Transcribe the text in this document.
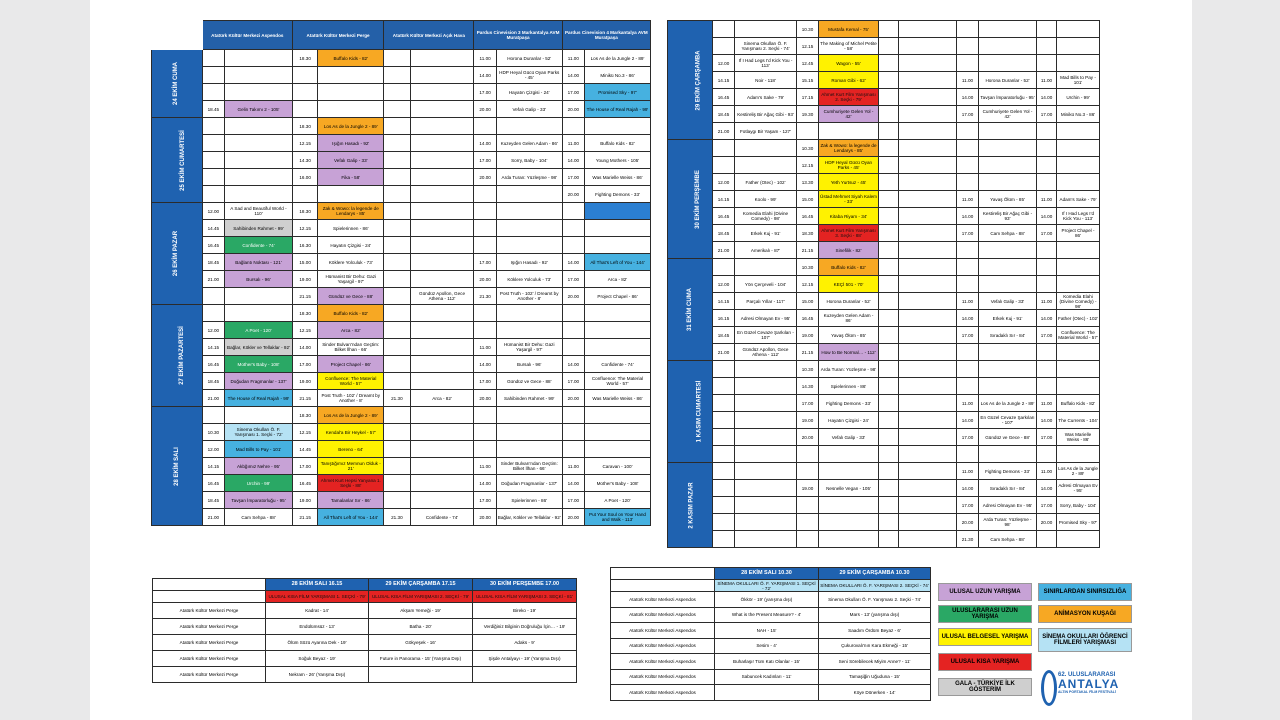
	Atatürk Kültür Merkezi Aspendos		Atatürk Kültür Merkezi Perge		Atatürk Kültür Merkezi Açık Hava		Pardus Cinevision 3 Markantalya AVM Muratpaşa		Pardus Cinevision 4 Markantalya AVM Muratpaşa	
24 EKİM CUMA			18.30	Buffalo Kids - 82'			11.00	Horona Duranlar - 52'	11.00	Los As de la Jungle 2 - 89'
							14.00	HDP Heyal Gücü Oyan Parks - 45'	14.00	Minikü No.3 - 86'
							17.00	Hayatın Çizgisi - 24'	17.00	Promised Sky - 97'
	18.45	Gelin Takımı 2 - 105'					20.00	Vefalı Galip - 33'	20.00	The House of Real Rajah - 99'
25 EKİM CUMARTESİ			18.30	Los As de la Jungle 2 - 89'						
			12.15	Işığın Hasadı - 92'			14.00	Kuzeyden Gelen Adam - 86'	11.00	Buffalo Kids - 82'
			14.30	Vefalı Galip - 33'			17.00	Sorry, Baby - 104'	14.00	Young Mothers - 105'
			16.00	Fika - 58'			20.00	Arda Turan: Yüzleşme - 98'	17.00	Was Marielle Weiss - 86'
									20.00	Fighting Demons - 33'
26 EKİM PAZAR	12.00	A Sad and Beautiful World - 110'	18.30	Zak & Wowo: la legende de Lendarys - 85'						
	14.45	Sahibinden Rahmet - 99'	12.15	Spielerinnen - 86'						
	16.45	Confidente - 74'	16.30	Hayatın Çizgisi - 24'						
	18.45	Bağlantı Noktası - 121'	15.00	Köklere Yolculuk - 73'			17.00	Işığın Hasadı - 92'	14.00	All That's Left of You - 144'
	21.00	Bursalı - 96'	19.00	Hümanist Bir Dehu: Gazi Yaşargil - 97'			20.00	Köklere Yolculuk - 73'	17.00	Arca - 82'
			21.15	Gündüz ve Gece - 88'		Gündüz Apollon, Gece Athena - 112'	21.30	Post Truth - 102' / Dreamt by Another - 8'	20.00	Project Chapel - 86'
27 EKİM PAZARTESİ			18.30	Buffalo Kids - 82'						
	12.00	A Poet - 120'	12.15	Arca - 82'						
	14.15	Bağlar, Kökler ve Tellaklar - 92'	14.00	Sinder Bulvarı'ndan Geçtim: Bilket İlhan - 66'			11.00	Hümanist Bir Dehu: Gazi Yaşargil - 97'		
	16.45	Mother's Baby - 108'	17.00	Project Chapel - 86'			14.00	Bursalı - 96'	14.00	Confidente - 74'
	18.45	Doğudan Fragmanlar - 137'	19.00	Confluence: The Material World - 57'			17.00	Gündüz ve Gece - 88'	17.00	Confluence: The Material World - 57'
	21.00	The House of Real Rajah - 99'	21.15	Post Truth - 102' / Dreamt by Another - 8'	21.30	Arca - 82'	20.00	Sahibinden Rahmet - 99'	20.00	Was Marielle Weiss - 86'
28 EKİM SALI			18.30	Los As de la Jungle 2 - 89'						
	10.30	Sinema Okulları Ö. F. Yarışması 1. Seçki - 72'	12.15	Kendal'a Bir Heykel - 57'						
	12.00	Mad Bills to Pay - 101'	14.45	Bereno - 64'						
	14.15	Akbğımız Nehre - 95'	17.00	Tanıştığımız Memnun Olduk - 21'			11.00	Sinder Bulvarı'ndan Geçtim: Bilket İlhan - 66'	11.00	Caravan - 100'
	16.45	Urchin - 99'	16.45	Ahmet Kurt Hepsi Yanyana 1. Seçki - 88'			14.00	Doğudan Fragmanlar - 137'	14.00	Mother's Baby - 108'
	18.45	Tavşan İmparatorluğu - 95'	19.00	Tamalanlar Sır - 86'			17.00	Spielerinnen - 86'	17.00	A Poet - 120'
	21.00	Cam Sehpa - 88'	21.15	All That's Left of You - 144'	21.30	Confidente - 74'	20.00	Bağlar, Kökler ve Tellaklar - 92'	20.00	Put Your Soul on Your Hand and Walk - 113'
29 EKİM ÇARŞAMBA			10.30	Mustafa Kemal - 75'						
		Sinema Okulları Ö. F. Yarışması 2. Seçki - 74'	12.15	The Making of Michel Petite - 58'						
	12.00	If I Had Legs I'd Kick You - 113'	12.45	Wagon - 55'						
	14.15	Noir - 118'	15.15	Roman Gibi - 62'			11.00	Horona Duranlar - 52'	11.00	Mad Bills to Pay - 101'
	16.45	Adam's Sake - 79'	17.15	Ahmet Kurt Film Yarışması 2. Seçki - 79'			14.00	Tavşan İmparatorluğu - 95'	14.00	Urchin - 99'
	18.45	Kestireliş Bir Ağaç Gibi - 93'	19.30	Cumhuriyete Gelen Yol - 42'			17.00	Cumhuriyete Gelen Yol - 42'	17.00	Minikü No.3 - 86'
	21.00	Fotlaygı Bir Yaşam - 127'								
30 EKİM PERŞEMBE			10.30	Zak & Wowo: la legende de Lendarys - 85'						
			12.15	HDP Heyal Gücü Oyan Parks - 45'						
	12.00	Father (Otec) - 102'	13.30	Yeth Yurtsuz - 45'						
	14.15	Koolo - 99'	15.00	Üstad Mehmet Siyah Kalem - 33'			11.00	Yavaş Ölüm - 85'	11.00	Adam's Sake - 79'
	16.45	Komedia Elahi (Divine Comedy) - 98'	16.45	Kitaba Riyam - 34'			14.00	Kestireliş Bir Ağaç Gibi - 93'	14.00	If I Had Legs I'd Kick You - 113'
	18.45	Erkek Kuj - 91'	18.30	Ahmet Kurt Film Yarışması 3. Seçki - 88'			17.00	Cam Sehpa - 88'	17.00	Project Chapel - 86'
	21.00	Amerikalı - 87'	21.15	Sinefilik - 82'						
31 EKİM CUMA			10.30	Buffalo Kids - 82'						
	12.00	Yön Çerçeveli - 104'	12.15	KEÇİ 501 - 70'						
	14.15	Parçalı Yıllar - 117'	15.00	Horona Duranlar - 52'			11.00	Vefalı Galip - 33'	11.00	Komedia Elahi (Divine Comedy) - 98'
	16.15	Adresi Olmayan Ev - 95'	16.45	Kuzeyden Gelen Adam - 86'			14.00	Erkek Kuj - 91'	14.00	Father (Otec) - 102'
	18.45	En Güzel Cevaze Şarkıları - 107'	19.00	Yavaş Ölüm - 85'			17.00	Sıradaklı Sır - 84'	17.00	Confluence: The Material World - 57'
	21.00	Gündüz Apollon, Gece Athena - 112'	21.15	How to Be Normal… - 112'						
1 KASIM CUMARTESİ			10.30	Arda Turan: Yüzleşme - 98'						
			14.30	Spielerinnen - 86'						
			17.00	Fighting Demons - 33'			11.00	Los As de la Jungle 2 - 89'	11.00	Buffalo Kids - 82'
			19.00	Hayatın Çizgisi - 24'			14.00	En Güzel Cevaze Şarkıları - 107'	14.00	The Currents - 104'
			20.00	Vefalı Galip - 33'			17.00	Gündüz ve Gece - 88'	17.00	Was Marielle Weiss - 86'

2 KASIM PAZAR							11.00	Fighting Demons - 33'	11.00	Los As de la Jungle 2 - 89'
			19.00	Nesnelle Vegan - 105'			14.00	Sıradaklı Sır - 84'	14.00	Adresi Olmayan Ev - 95'
							17.00	Adresi Olmayan Ev - 95'	17.00	Sorry, Baby - 104'
							20.00	Arda Turan: Yüzleşme - 98'	20.00	Promised Sky - 97'
							21.30	Cam Sehpa - 88'		
	28 EKİM SALI 16.15	29 EKİM ÇARŞAMBA 17.15	30 EKİM PERŞEMBE 17.00
	ULUSAL KISA FİLM YARIŞMASI 1. SEÇKİ - 79'	ULUSAL KISA FİLM YARIŞMASI 2. SEÇKİ - 79'	ULUSAL KISA FİLM YARIŞMASI 3. SEÇKİ - 81'
Atatürk Kültür Merkezi Perge	Kadrat - 14'	Akşam Yemeği - 19'	Bireko - 19'
Atatürk Kültür Merkezi Perge	Endülümsüz - 13'	Batha - 20'	Verdiğiniz Bilginin Doğruluğu İçin… - 19'
Atatürk Kültür Merkezi Perge	Ölüm Sözü Ayarına Dek - 19'	Gökyeşek - 16'	Adaks - 9'
Atatürk Kültür Merkezi Perge	Soğuk Beyaz - 19'	Future in Panorama - 15' (Yarışma Dışı)	Şişde Antalyayı - 19' (Yarışma Dışı)
Atatürk Kültür Merkezi Perge	Nekram - 26' (Yarışma Dışı)		
	28 EKİM SALI 10.30	29 EKİM ÇARŞAMBA 10.30
	SİNEMA OKULLARI Ö. F. YARIŞMASI 1. SEÇKİ - 72'	SİNEMA OKULLARI Ö. F. YARIŞMASI 2. SEÇKİ - 74'
Atatürk Kültür Merkezi Aspendos	Ökkör - 19' (yarışma dışı)	Sinema Okulları Ö. F. Yarışması 2. Seçki - 74'
Atatürk Kültür Merkezi Aspendos	What is the Present Measure? - 4'	Mars - 13' (yarışma dışı)
Atatürk Kültür Merkezi Aspendos	NAH - 15'	Saadım Ördüm Beyaz - 6'
Atatürk Kültür Merkezi Aspendos	Sesim - 4'	Çukurovalı'nın Kara Ekmeği - 15'
Atatürk Kültür Merkezi Aspendos	Buharlaşır Tüm Katı Olanlar - 15'	Seni Sörebilecek Miyim Anne? - 11'
Atatürk Kültür Merkezi Aspendos	Sabuncek Kadınları - 11'	Tamaşiğin Uğuduna - 15'
Atatürk Kültür Merkezi Aspendos		Köye Dönerken - 14'
ULUSAL UZUN YARIŞMA	SINIRLARDAN SINIRSIZLIĞA
ULUSLARARASI UZUN YARIŞMA	ANİMASYON KUŞAĞI
ULUSAL BELGESEL YARIŞMA	SİNEMA OKULLARI ÖĞRENCİ FİLMLERİ YARIŞMASI
ULUSAL KISA YARIŞMA
GALA - TÜRKİYE İLK GÖSTERİM
62. ULUSLARARASI
ANTALYA
ALTIN PORTAKAL FİLM FESTİVALİ
